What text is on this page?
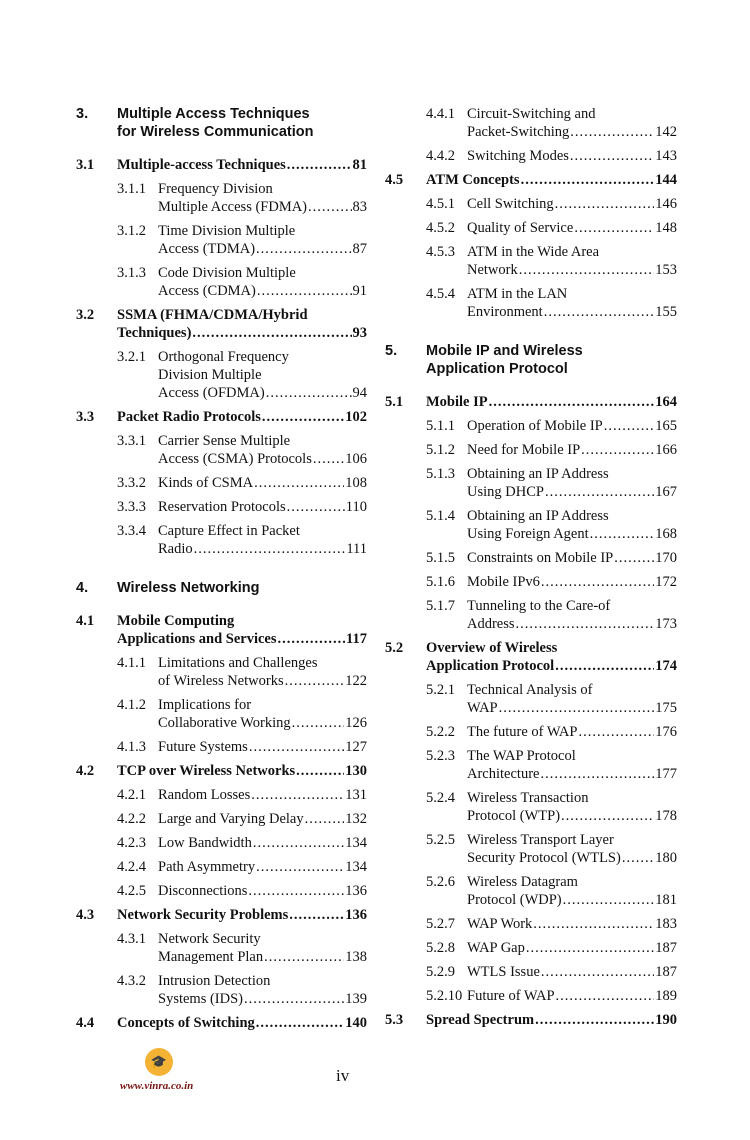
3. Multiple Access Techniques
for Wireless Communication
3.1 Multiple-access Techniques .....	81
3.1.1 Frequency Division
Multiple Access (FDMA) .....	83
3.1.2 Time Division Multiple
Access (TDMA) .....	87
3.1.3 Code Division Multiple
Access (CDMA) .....	91
3.2 SSMA (FHMA/CDMA/Hybrid
Techniques) .....	93
3.2.1 Orthogonal Frequency
Division Multiple
Access (OFDMA) .....	94
3.3 Packet Radio Protocols .....	102
3.3.1 Carrier Sense Multiple
Access (CSMA) Protocols ..... 106
3.3.2 Kinds of CSMA .....	108
3.3.3 Reservation Protocols .....	110
3.3.4 Capture Effect in Packet
Radio .....	111
4. Wireless Networking
4.1 Mobile Computing
Applications and Services .....	117
4.1.1 Limitations and Challenges
of Wireless Networks .....	122
4.1.2 Implications for
Collaborative Working .....	126
4.1.3 Future Systems .....	127
4.2 TCP over Wireless Networks .....	130
4.2.1 Random Losses .....	131
4.2.2 Large and Varying Delay .....	132
4.2.3 Low Bandwidth .....	134
4.2.4 Path Asymmetry .....	134
4.2.5 Disconnections .....	136
4.3 Network Security Problems .....	136
4.3.1 Network Security
Management Plan .....	138
4.3.2 Intrusion Detection
Systems (IDS) .....	139
4.4 Concepts of Switching .....	140
4.4.1 Circuit-Switching and
Packet-Switching .....	142
4.4.2 Switching Modes .....	143
4.5 ATM Concepts .....	144
4.5.1 Cell Switching .....	146
4.5.2 Quality of Service .....	148
4.5.3 ATM in the Wide Area
Network .....	153
4.5.4 ATM in the LAN
Environment .....	155
5. Mobile IP and Wireless
Application Protocol
5.1 Mobile IP .....	164
5.1.1 Operation of Mobile IP .....	165
5.1.2 Need for Mobile IP .....	166
5.1.3 Obtaining an IP Address
Using DHCP .....	167
5.1.4 Obtaining an IP Address
Using Foreign Agent .....	168
5.1.5 Constraints on Mobile IP .....	170
5.1.6 Mobile IPv6 .....	172
5.1.7 Tunneling to the Care-of
Address .....	173
5.2 Overview of Wireless
Application Protocol .....	174
5.2.1 Technical Analysis of
WAP .....	175
5.2.2 The future of WAP .....	176
5.2.3 The WAP Protocol
Architecture .....	177
5.2.4 Wireless Transaction
Protocol (WTP) .....	178
5.2.5 Wireless Transport Layer
Security Protocol (WTLS) ..... 180
5.2.6 Wireless Datagram
Protocol (WDP) .....	181
5.2.7 WAP Work .....	183
5.2.8 WAP Gap .....	187
5.2.9 WTLS Issue .....	187
5.2.10 Future of WAP .....	189
5.3 Spread Spectrum .....	190
🎓
www.vinra.co.in
iv
